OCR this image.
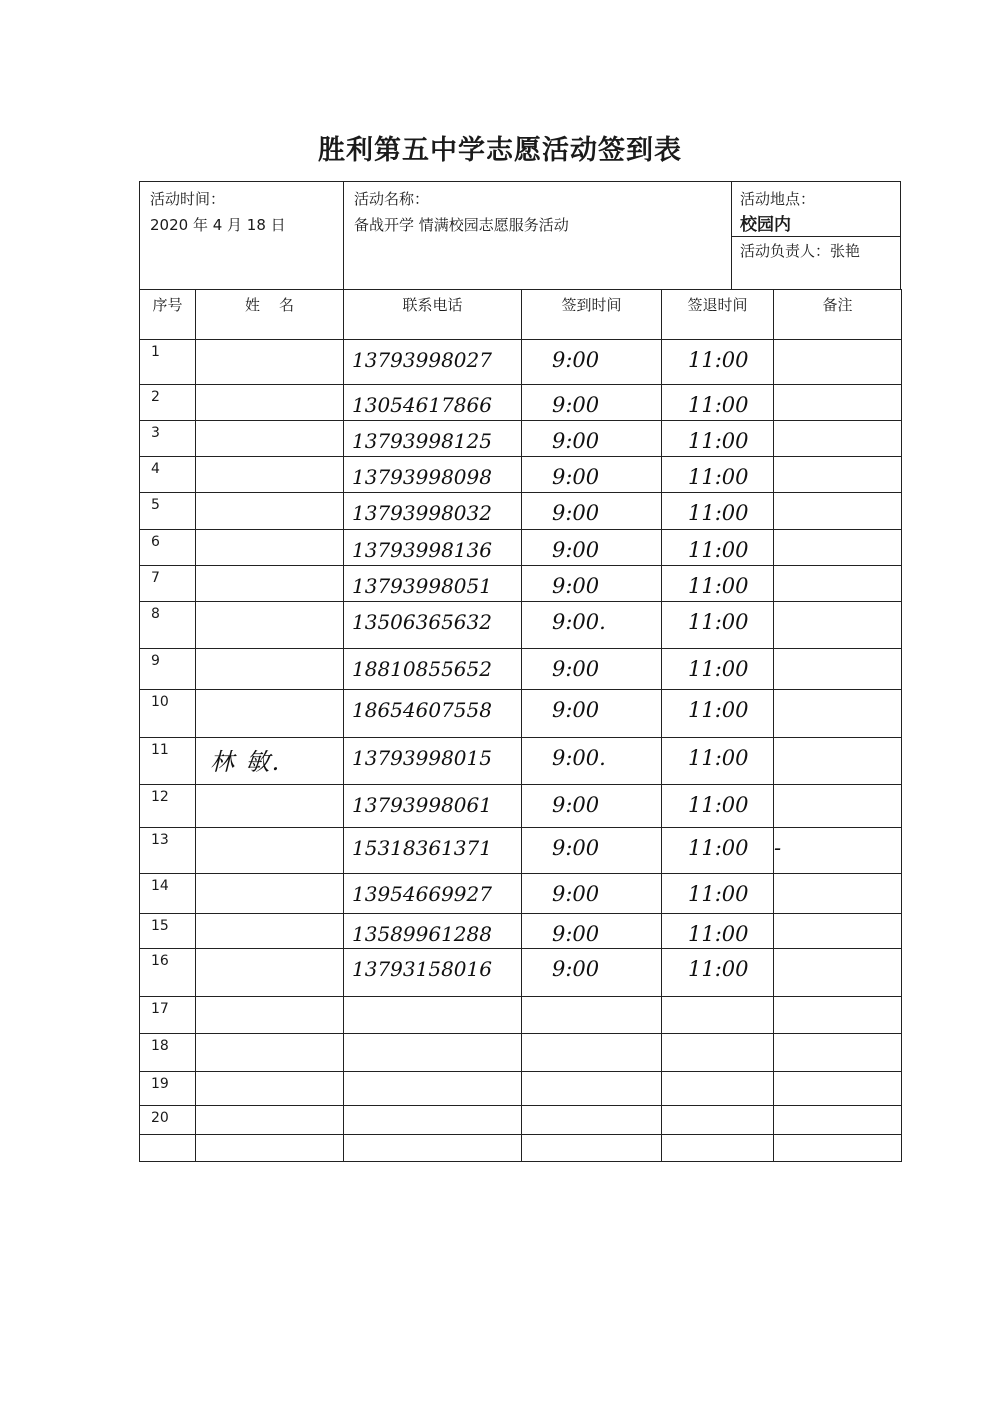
胜利第五中学志愿活动签到表
活动时间：
2020 年 4 月 18 日
活动名称：
备战开学 情满校园志愿服务活动
活动地点：
校园内
活动负责人：张艳
序号	姓    名	联系电话	签到时间	签退时间	备注
1		13793998027	9:00	11:00	

2		13054617866	9:00	11:00	

3		13793998125	9:00	11:00	

4		13793998098	9:00	11:00	

5		13793998032	9:00	11:00	

6		13793998136	9:00	11:00	

7		13793998051	9:00	11:00	

8		13506365632	9:00.	11:00	

9		18810855652	9:00	11:00	

10		18654607558	9:00	11:00	

11	林 敏.	13793998015	9:00.	11:00	

12		13793998061	9:00	11:00	

13		15318361371	9:00	11:00	-

14		13954669927	9:00	11:00	

15		13589961288	9:00	11:00	

16		13793158016	9:00	11:00	

17	

18	

19	

20	
